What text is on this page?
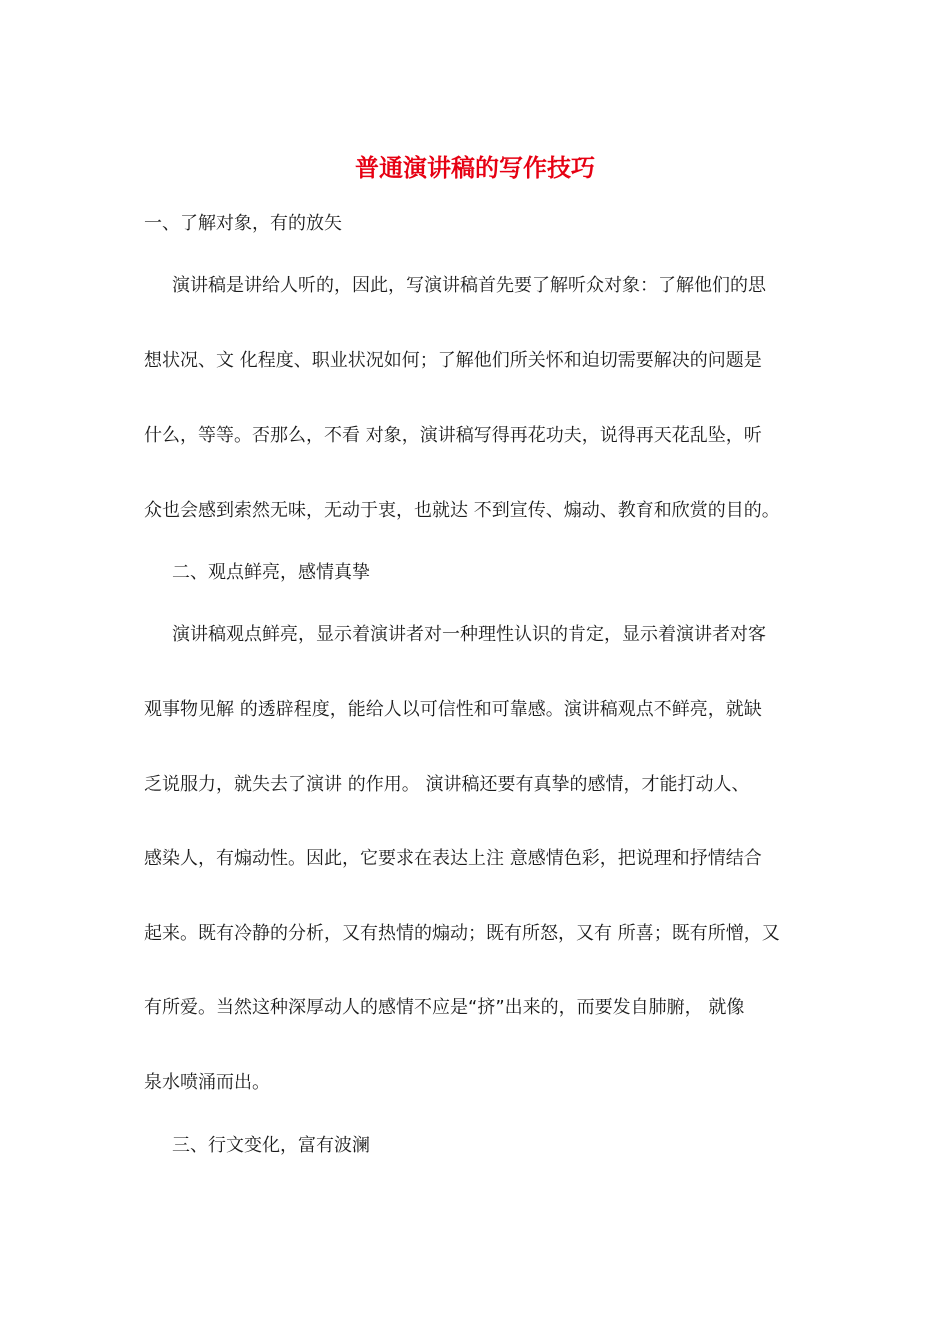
普通演讲稿的写作技巧
一、了解对象，有的放矢
演讲稿是讲给人听的，因此，写演讲稿首先要了解听众对象：了解他们的思
想状况、文 化程度、职业状况如何；了解他们所关怀和迫切需要解决的问题是
什么，等等。否那么，不看 对象，演讲稿写得再花功夫，说得再天花乱坠，听
众也会感到索然无味，无动于衷，也就达 不到宣传、煽动、教育和欣赏的目的。
二、观点鲜亮，感情真挚
演讲稿观点鲜亮，显示着演讲者对一种理性认识的肯定，显示着演讲者对客
观事物见解 的透辟程度，能给人以可信性和可靠感。演讲稿观点不鲜亮，就缺
乏说服力，就失去了演讲 的作用。 演讲稿还要有真挚的感情，才能打动人、
感染人，有煽动性。因此，它要求在表达上注 意感情色彩，把说理和抒情结合
起来。既有冷静的分析，又有热情的煽动；既有所怒，又有 所喜；既有所憎，又
有所爱。当然这种深厚动人的感情不应是“挤”出来的，而要发自肺腑， 就像
泉水喷涌而出。
三、行文变化，富有波澜
